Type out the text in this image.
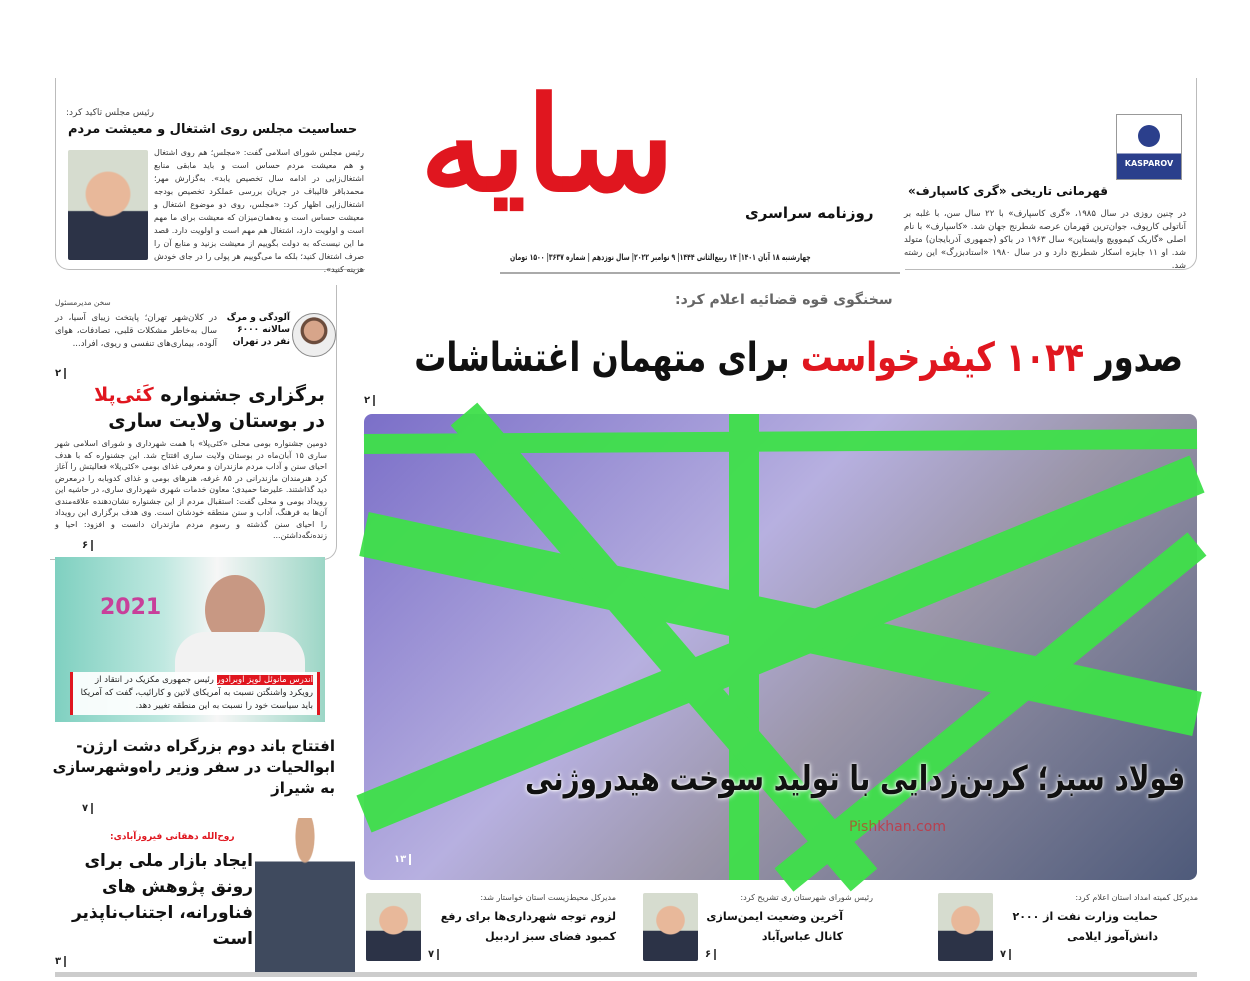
KASPAROV
قهرمانی تاریخی «گری کاسپارف»
در چنین روزی در سال ۱۹۸۵، «گری کاسپارف» با ۲۲ سال سن، با غلبه بر آناتولی کارپوف، جوان‌ترین قهرمان عرصه شطرنج جهان شد. «کاسپارف» با نام اصلی «گاریک کیموویچ وایستاین» سال ۱۹۶۳ در باکو (جمهوری آذربایجان) متولد شد. او ۱۱ جایزه اسکار شطرنج دارد و در سال ۱۹۸۰ «استادبزرگ» این رشته شد.
رئیس مجلس تاکید کرد:
حساسیت مجلس روی اشتغال و معیشت مردم
رئیس مجلس شورای اسلامی گفت: «مجلس؛ هم روی اشتغال و هم معیشت مردم حساس است و باید مابقی منابع اشتغال‌زایی در ادامه سال تخصیص یابد». به‌گزارش مهر؛ محمدباقر قالیباف در جریان بررسی عملکرد تخصیص بودجه اشتغال‌زایی اظهار کرد: «مجلس، روی دو موضوع اشتغال و معیشت حساس است و به‌همان‌میزان که معیشت برای ما مهم است و اولویت دارد، اشتغال هم مهم است و اولویت دارد. قصد ما این نیست‌که به دولت بگوییم از معیشت بزنید و منابع آن را صرف اشتغال کنید؛ بلکه ما می‌گوییم هر پولی را در جای خودش هزینه کنید».
سایه	روزنامه سراسری
چهارشنبه ۱۸ آبان ۱۴۰۱| ۱۴ ربیع‌الثانی ۱۴۴۴| ۹ نوامبر ۲۰۲۲| سال نوزدهم | شماره ۳۶۳۷| ۱۵۰۰ تومان
سخن مدیرمسئول
آلودگی و مرگ سالانه ۶۰۰۰ نفر در تهران
در کلان‌شهر تهران؛ پایتخت زیبای آسیا، در سال به‌خاطر مشکلات قلبی، تصادفات، هوای آلوده، بیماری‌های تنفسی و ریوی، افراد...
۲
برگزاری جشنواره کَئی‌پلا
در بوستان ولایت ساری
دومین جشنواره بومی محلی «کئی‌پلا» با همت شهرداری و شورای اسلامی شهر ساری ۱۵ آبان‌ماه در بوستان ولایت ساری افتتاح شد. این جشنواره که با هدف احیای سنن و آداب مردم مازندران و معرفی غذای بومی «کئی‌پلا» فعالیتش را آغاز کرد هنرمندان مازندرانی در ۸۵ غرفه، هنرهای بومی و غذای کدوبابه را درمعرض دید گذاشتند. علیرضا حمیدی؛ معاون خدمات شهری شهرداری ساری، در حاشیه این رویداد بومی و محلی گفت: استقبال مردم از این جشنواره نشان‌دهنده علاقه‌مندی آن‌ها به فرهنگ، آداب و سنن منطقه خودشان است. وی هدف برگزاری این رویداد را احیای سنن گذشته و رسوم مردم مازندران دانست و افزود: احیا و زنده‌نگه‌داشتن...
۶
2021
آندرس مانوئل لوپز اوبرادور رئیس جمهوری مکزیک در انتقاد از رویکرد واشنگتن نسبت به آمریکای لاتین و کارائیب، گفت که آمریکا باید سیاست خود را نسبت به این منطقه تغییر دهد.
افتتاح باند دوم بزرگراه دشت ارژن-ابوالحیات در سفر وزیر راه‌وشهرسازی به شیراز
۷
روح‌الله دهقانی فیروزآبادی:
ایجاد بازار ملی برای رونق پژوهش های فناورانه، اجتناب‌ناپذیر است
۳
سخنگوی قوه قضائیه اعلام کرد:
صدور ۱۰۲۴ کیفرخواست برای متهمان اغتشاشات
۲
فولاد سبز؛ کربن‌زدایی با تولید سوخت هیدروژنی
Pishkhan.com
۱۳
مدیرکل کمیته امداد استان اعلام کرد:
حمایت وزارت نفت از ۲۰۰۰ دانش‌آموز ایلامی
۷
رئیس شورای شهرستان ری تشریح کرد:
آخرین وضعیت ایمن‌سازی کانال عباس‌آباد
۶
مدیرکل محیط‌زیست استان خواستار شد:
لزوم توجه شهرداری‌ها برای رفع کمبود فضای سبز اردبیل
۷
